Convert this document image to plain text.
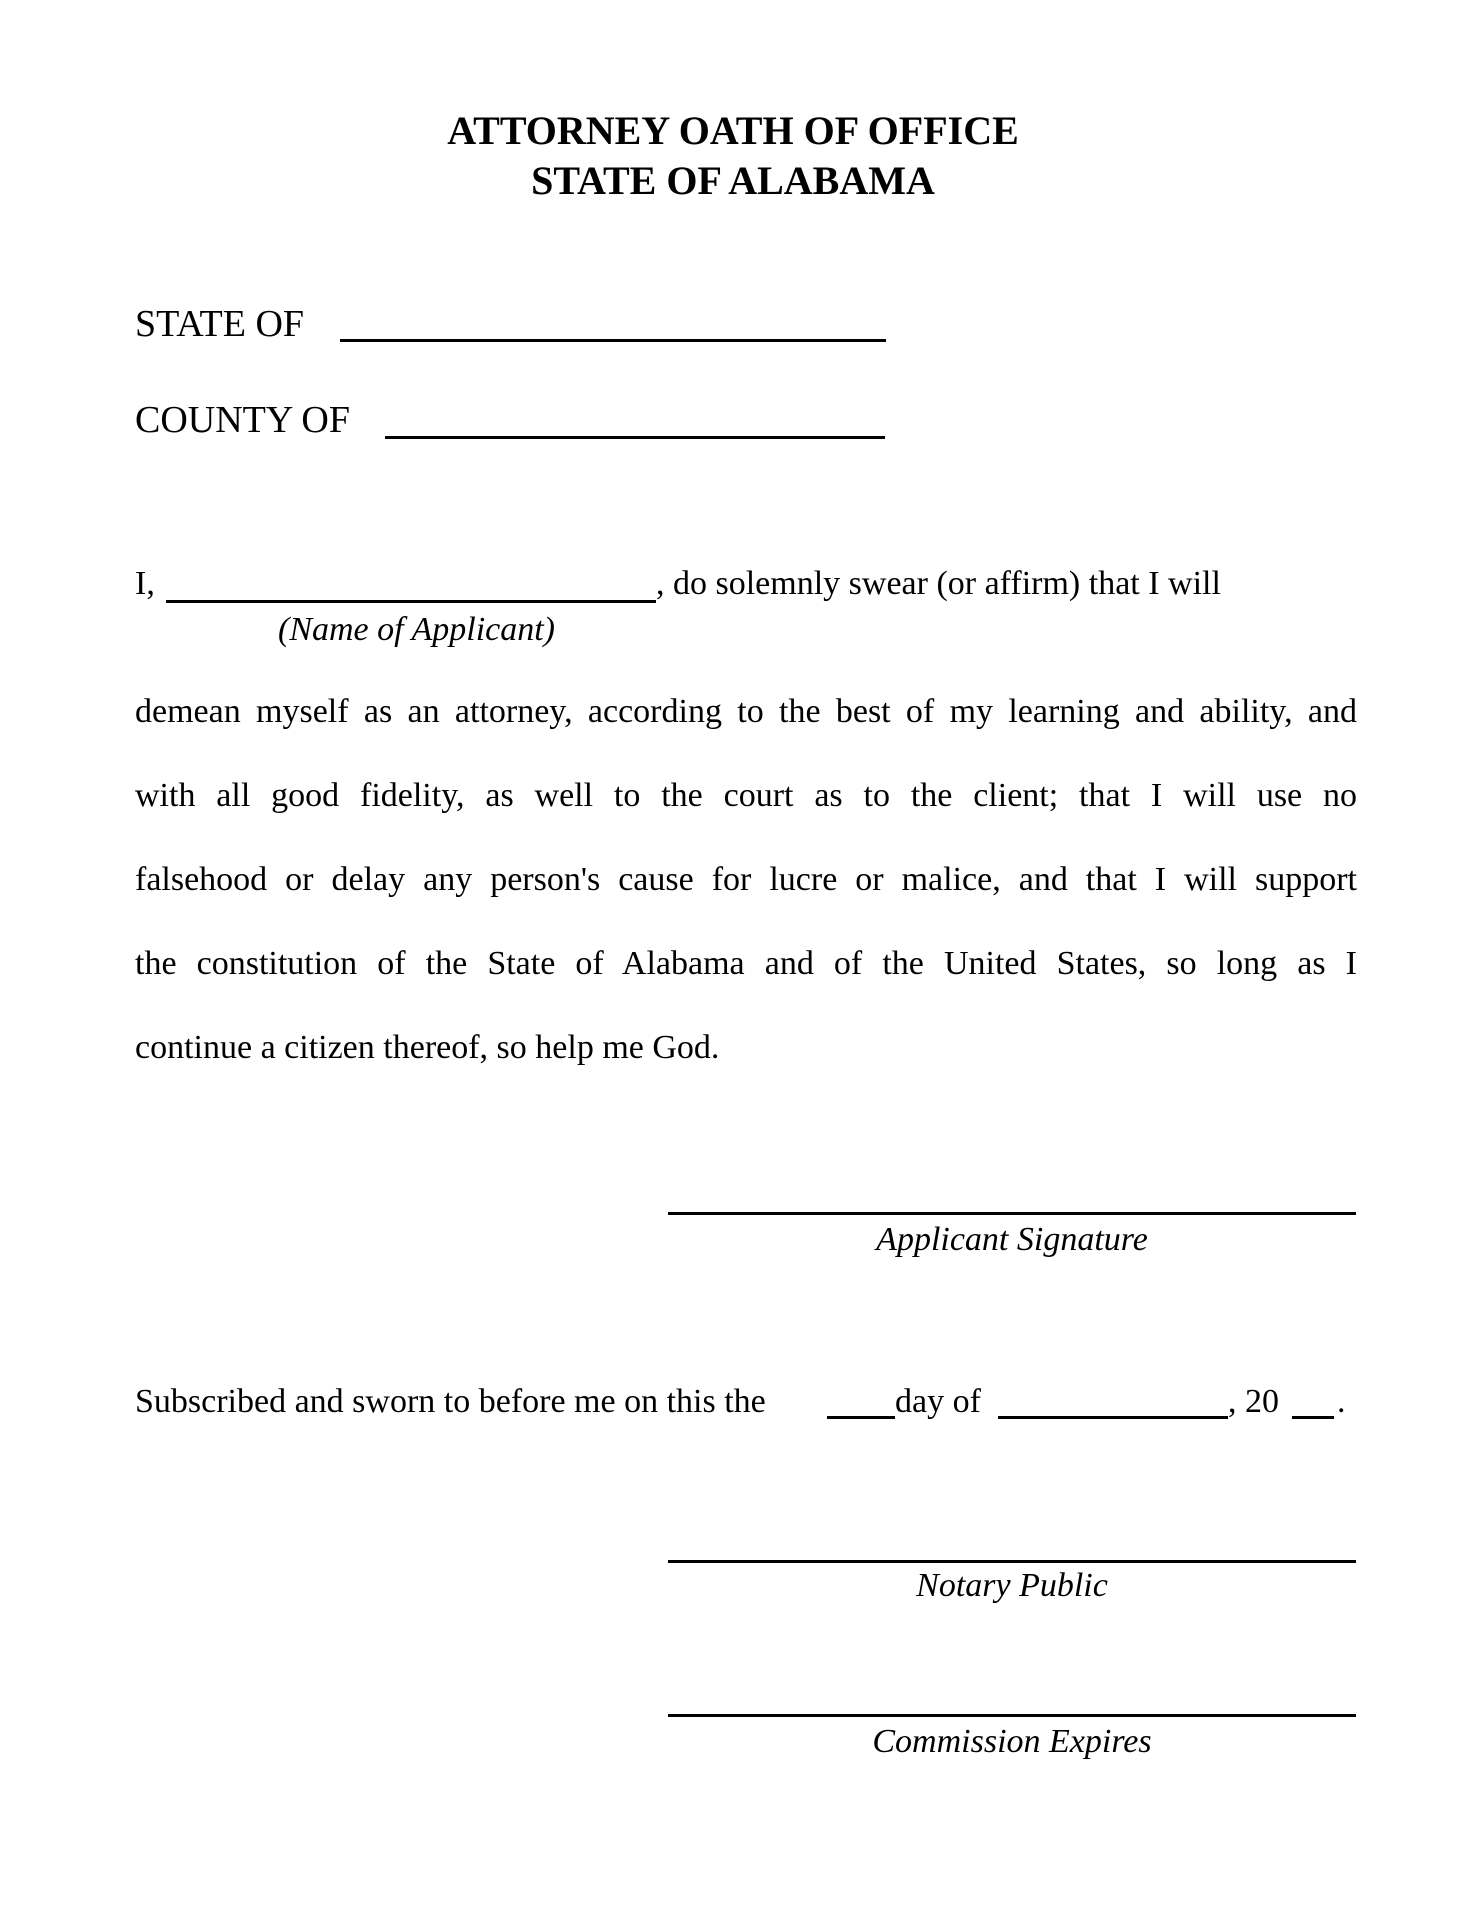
ATTORNEY OATH OF OFFICE
STATE OF ALABAMA
STATE OF
COUNTY OF
I,	, do solemnly swear (or affirm) that I will
(Name of Applicant)
demean myself as an attorney, according to the best of my learning and ability, and
with all good fidelity, as well to the court as to the client; that I will use no
falsehood or delay any person's cause for lucre or malice, and that I will support
the constitution of the State of Alabama and of the United States, so long as I
continue a citizen thereof, so help me God.
Applicant Signature
Subscribed and sworn to before me on this the	day of	, 20 .
Notary Public
Commission Expires
